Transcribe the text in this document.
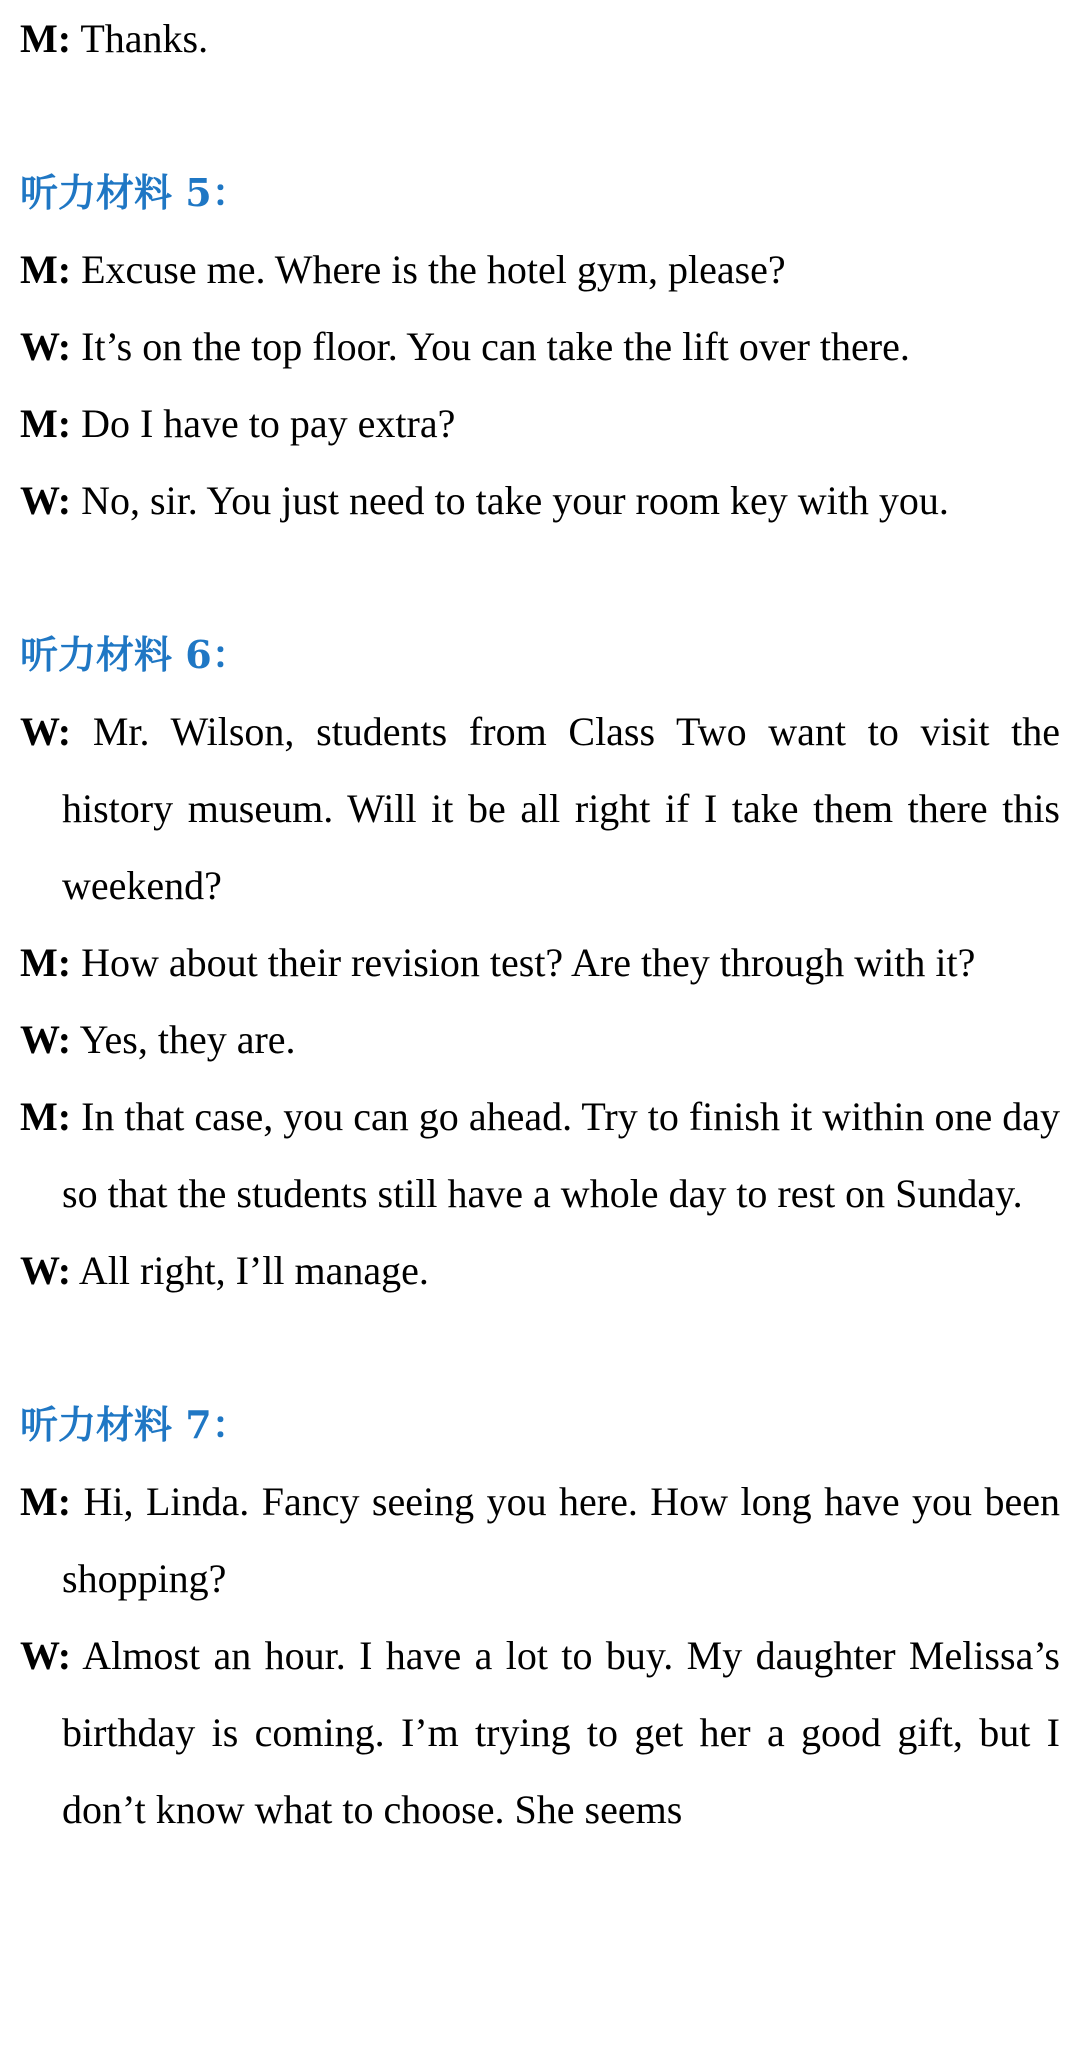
M: Thanks.

听力材料 5：

M: Excuse me. Where is the hotel gym, please?

W: It’s on the top floor. You can take the lift over there.

M: Do I have to pay extra?

W: No, sir. You just need to take your room key with you.

听力材料 6：

W: Mr. Wilson, students from Class Two want to visit the history museum. Will it be all right if I take them there this weekend?

M: How about their revision test? Are they through with it?

W: Yes, they are.

M: In that case, you can go ahead. Try to finish it within one day so that the students still have a whole day to rest on Sunday.

W: All right, I’ll manage.

听力材料 7：

M: Hi, Linda. Fancy seeing you here. How long have you been shopping?

W: Almost an hour. I have a lot to buy. My daughter Melissa’s birthday is coming. I’m trying to get her a good gift, but I don’t know what to choose. She seems
